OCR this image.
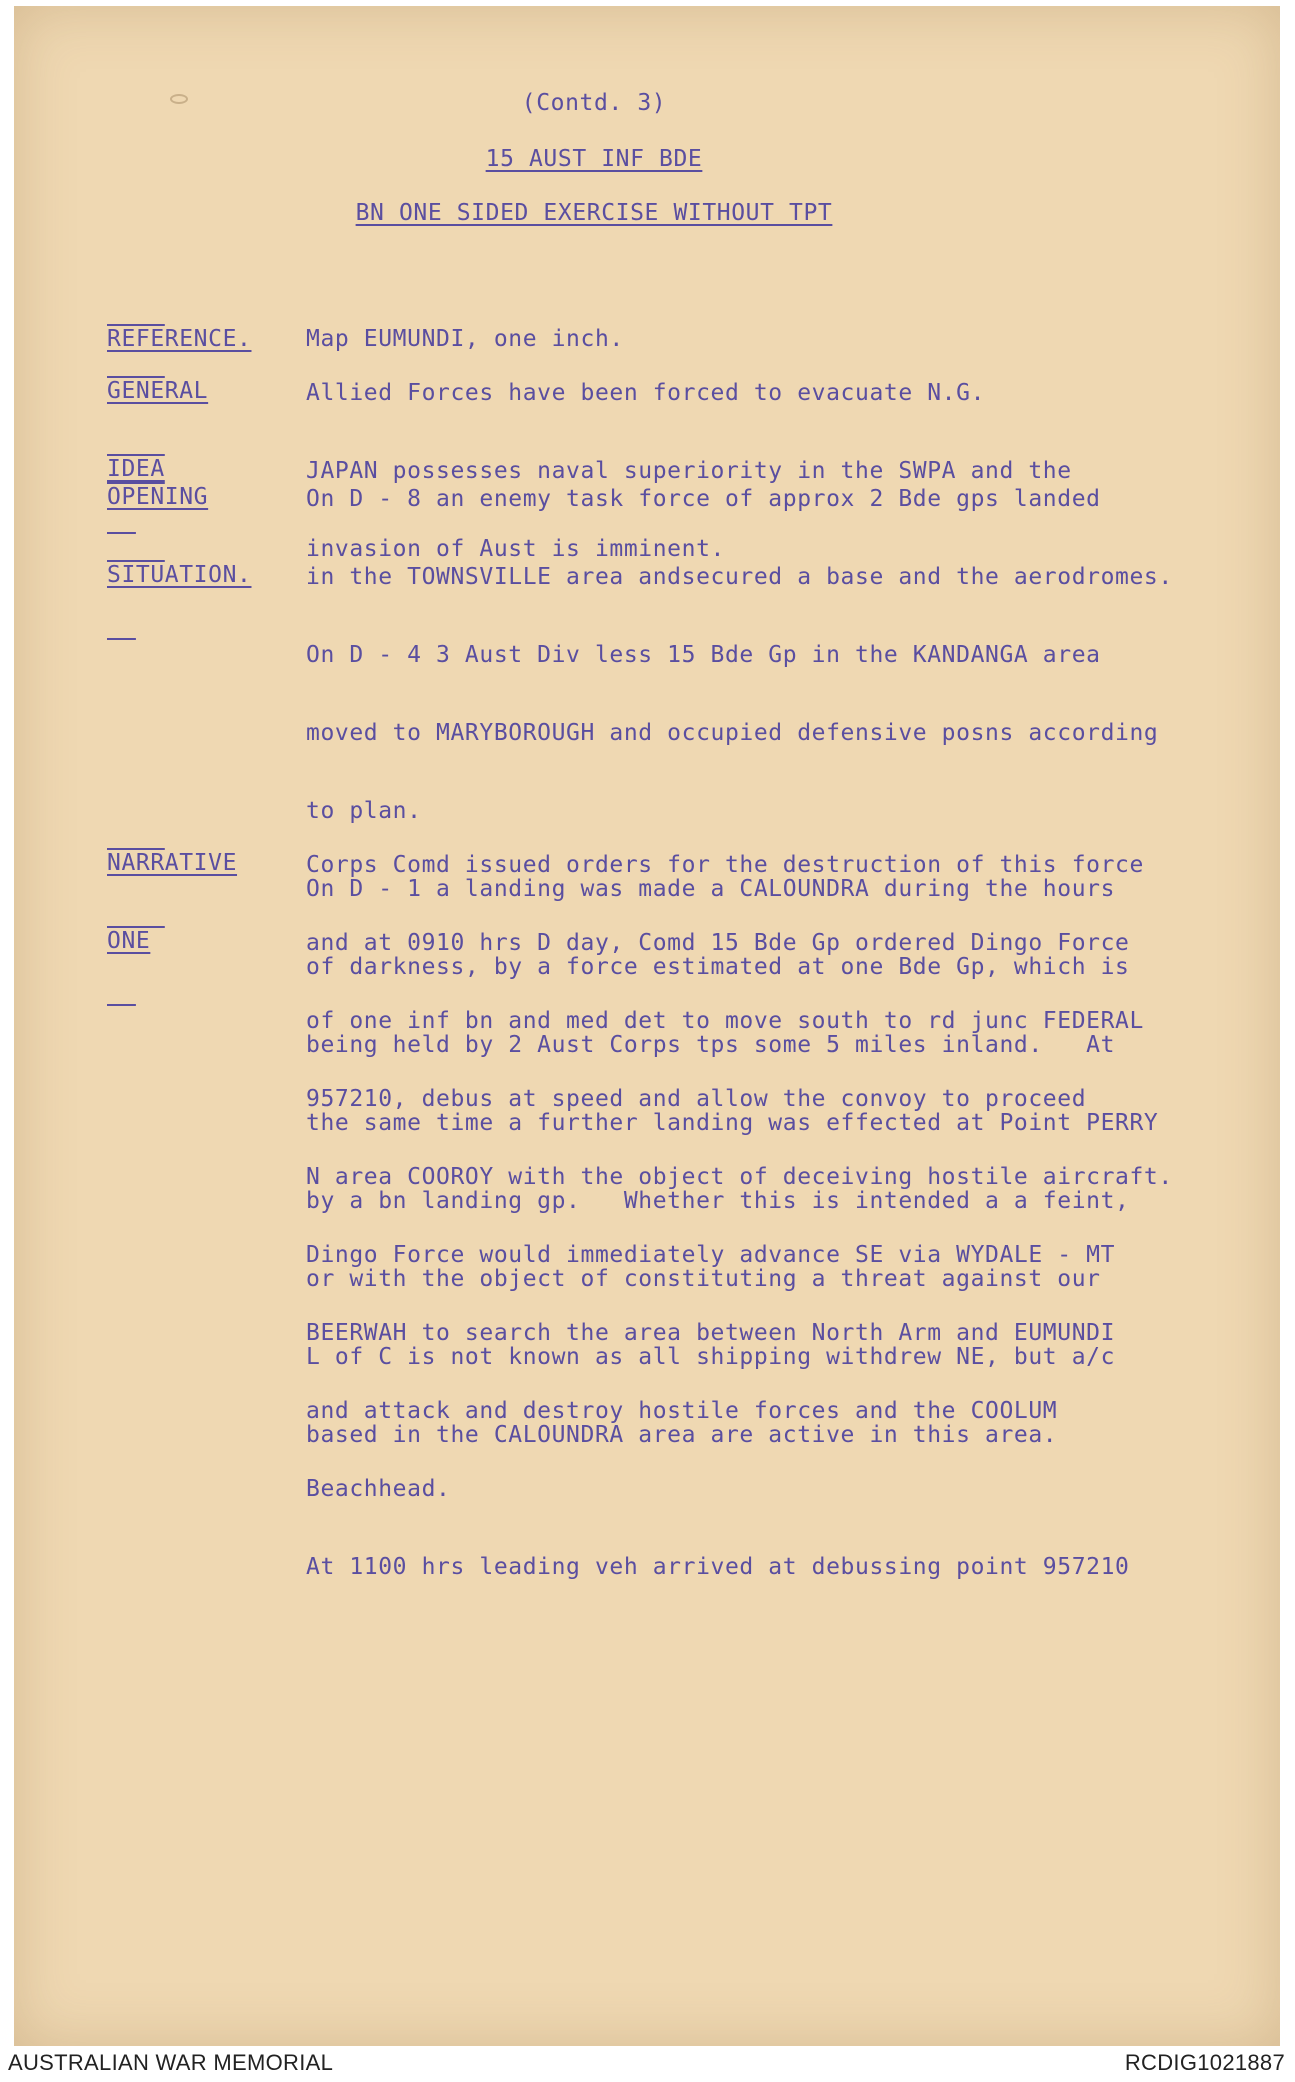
(Contd. 3)
15 AUST INF BDE
BN ONE SIDED EXERCISE WITHOUT TPT

REFERENCE.

Map EUMUNDI, one inch.

GENERAL

IDEA

Allied Forces have been forced to evacuate N.G.

JAPAN possesses naval superiority in the SWPA and the

invasion of Aust is imminent.

OPENING

SITUATION.

On D - 8 an enemy task force of approx 2 Bde gps landed

in the TOWNSVILLE area andsecured a base and the aerodromes.

On D - 4 3 Aust Div less 15 Bde Gp in the KANDANGA area

moved to MARYBOROUGH and occupied defensive posns according

to plan.

On D - 1 a landing was made a CALOUNDRA during the hours

of darkness, by a force estimated at one Bde Gp, which is

being held by 2 Aust Corps tps some 5 miles inland.   At

the same time a further landing was effected at Point PERRY

by a bn landing gp.   Whether this is intended a a feint,

or with the object of constituting a threat against our

L of C is not known as all shipping withdrew NE, but a/c

based in the CALOUNDRA area are active in this area.

NARRATIVE

ONE

Corps Comd issued orders for the destruction of this force

and at 0910 hrs D day, Comd 15 Bde Gp ordered Dingo Force

of one inf bn and med det to move south to rd junc FEDERAL

957210, debus at speed and allow the convoy to proceed

N area COOROY with the object of deceiving hostile aircraft.

Dingo Force would immediately advance SE via WYDALE - MT

BEERWAH to search the area between North Arm and EUMUNDI

and attack and destroy hostile forces and the COOLUM

Beachhead.

At 1100 hrs leading veh arrived at debussing point 957210

AUSTRALIAN WAR MEMORIAL	RCDIG1021887
